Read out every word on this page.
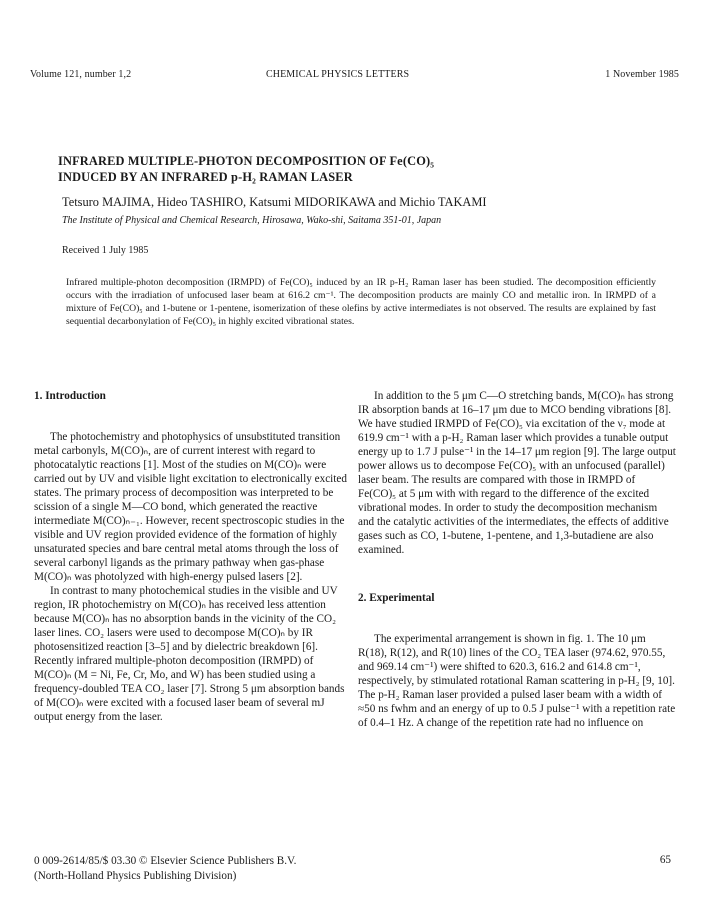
Volume 121, number 1,2	CHEMICAL PHYSICS LETTERS	1 November 1985
INFRARED MULTIPLE-PHOTON DECOMPOSITION OF Fe(CO)₅
INDUCED BY AN INFRARED p-H₂ RAMAN LASER
Tetsuro MAJIMA, Hideo TASHIRO, Katsumi MIDORIKAWA and Michio TAKAMI
The Institute of Physical and Chemical Research, Hirosawa, Wako-shi, Saitama 351-01, Japan
Received 1 July 1985
Infrared multiple-photon decomposition (IRMPD) of Fe(CO)₅ induced by an IR p-H₂ Raman laser has been studied. The decomposition efficiently occurs with the irradiation of unfocused laser beam at 616.2 cm⁻¹. The decomposition products are mainly CO and metallic iron. In IRMPD of a mixture of Fe(CO)₅ and 1-butene or 1-pentene, isomerization of these olefins by active intermediates is not observed. The results are explained by fast sequential decarbonylation of Fe(CO)₅ in highly excited vibrational states.
1. Introduction

The photochemistry and photophysics of unsubstituted transition metal carbonyls, M(CO)ₙ, are of current interest with regard to photocatalytic reactions [1]. Most of the studies on M(CO)ₙ were carried out by UV and visible light excitation to electronically excited states. The primary process of decomposition was interpreted to be scission of a single M—CO bond, which generated the reactive intermediate M(CO)ₙ₋₁. However, recent spectroscopic studies in the visible and UV region provided evidence of the formation of highly unsaturated species and bare central metal atoms through the loss of several carbonyl ligands as the primary pathway when gas-phase M(CO)ₙ was photolyzed with high-energy pulsed lasers [2].

In contrast to many photochemical studies in the visible and UV region, IR photochemistry on M(CO)ₙ has received less attention because M(CO)ₙ has no absorption bands in the vicinity of the CO₂ laser lines. CO₂ lasers were used to decompose M(CO)ₙ by IR photosensitized reaction [3–5] and by dielectric breakdown [6]. Recently infrared multiple-photon decomposition (IRMPD) of M(CO)ₙ (M = Ni, Fe, Cr, Mo, and W) has been studied using a frequency-doubled TEA CO₂ laser [7]. Strong 5 μm absorption bands of M(CO)ₙ were excited with a focused laser beam of several mJ output energy from the laser.

In addition to the 5 μm C—O stretching bands, M(CO)ₙ has strong IR absorption bands at 16–17 μm due to MCO bending vibrations [8]. We have studied IRMPD of Fe(CO)₅ via excitation of the ν₇ mode at 619.9 cm⁻¹ with a p-H₂ Raman laser which provides a tunable output energy up to 1.7 J pulse⁻¹ in the 14–17 μm region [9]. The large output power allows us to decompose Fe(CO)₅ with an unfocused (parallel) laser beam. The results are compared with those in IRMPD of Fe(CO)₅ at 5 μm with with regard to the difference of the excited vibrational modes. In order to study the decomposition mechanism and the catalytic activities of the intermediates, the effects of additive gases such as CO, 1-butene, 1-pentene, and 1,3-butadiene are also examined.

2. Experimental

The experimental arrangement is shown in fig. 1. The 10 μm R(18), R(12), and R(10) lines of the CO₂ TEA laser (974.62, 970.55, and 969.14 cm⁻¹) were shifted to 620.3, 616.2 and 614.8 cm⁻¹, respectively, by stimulated rotational Raman scattering in p-H₂ [9, 10]. The p-H₂ Raman laser provided a pulsed laser beam with a width of ≈50 ns fwhm and an energy of up to 0.5 J pulse⁻¹ with a repetition rate of 0.4–1 Hz. A change of the repetition rate had no influence on

0 009-2614/85/$ 03.30 © Elsevier Science Publishers B.V.
(North-Holland Physics Publishing Division)
65
